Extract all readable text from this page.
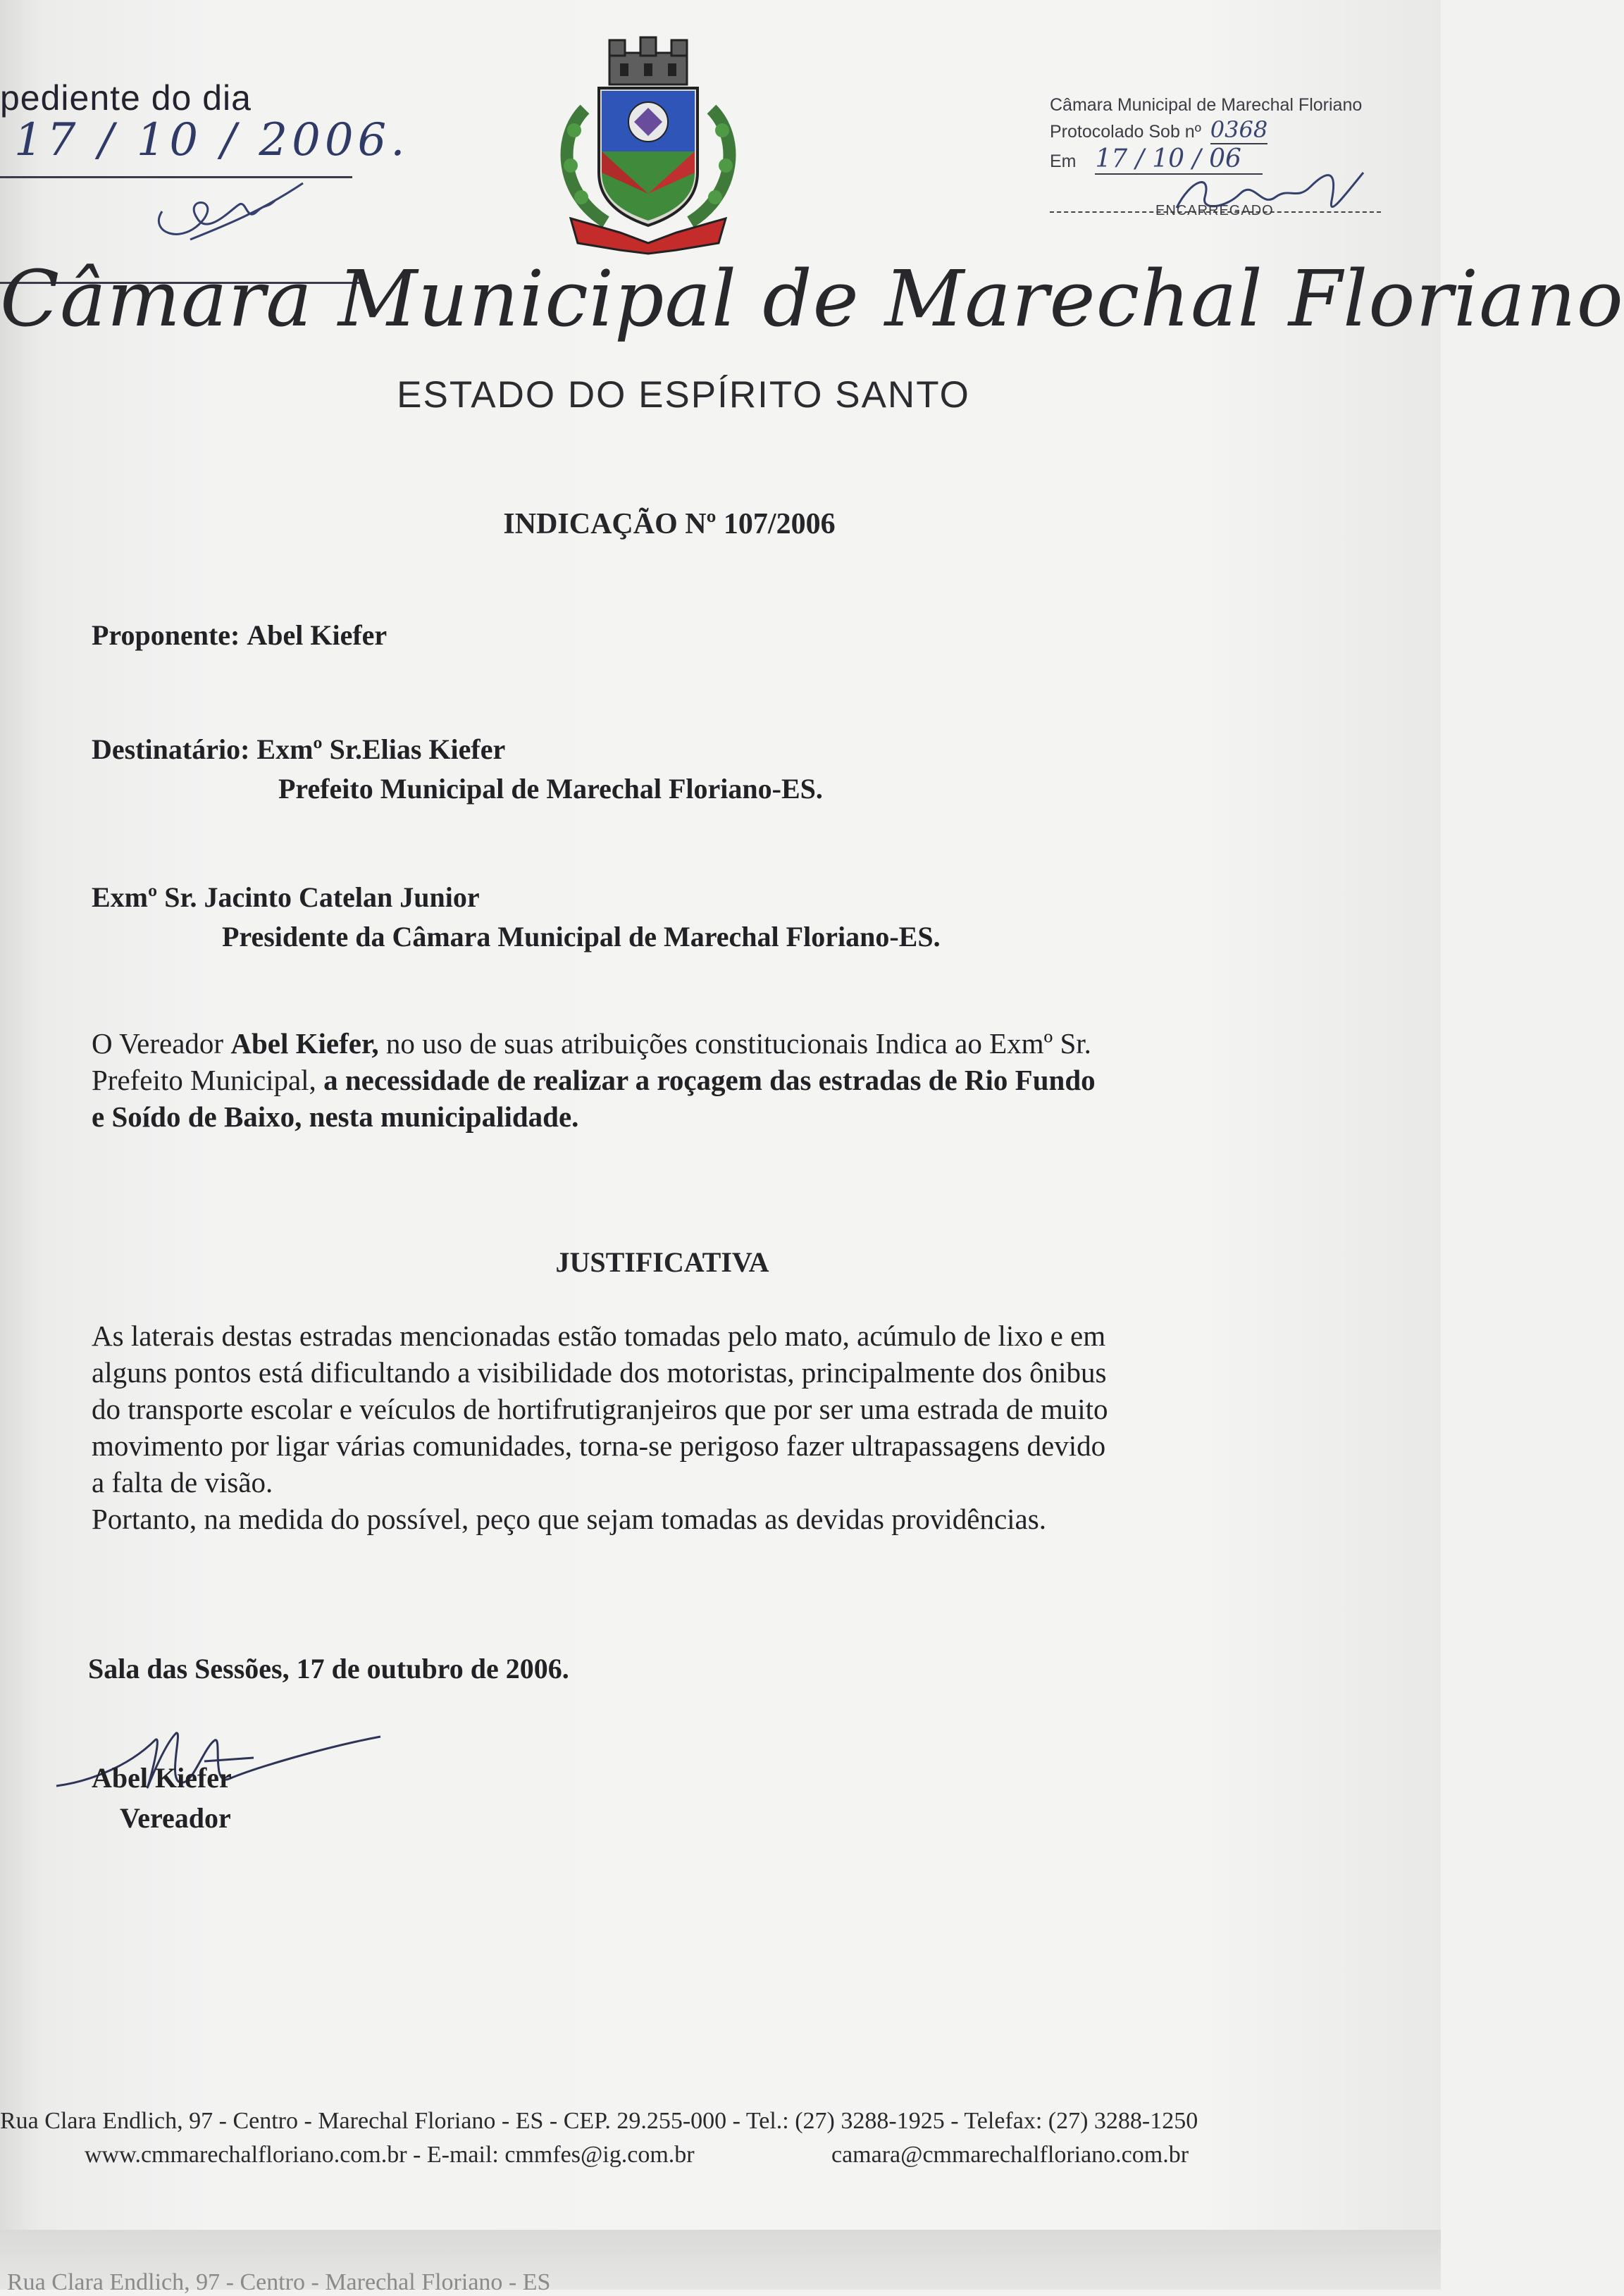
pediente do dia
17 / 10 / 2006.
Câmara Municipal de Marechal Floriano
Protocolado Sob nº 0368
Em 17 / 10 / 06
ENCARREGADO
Câmara Municipal de Marechal Floriano
ESTADO DO ESPÍRITO SANTO
INDICAÇÃO Nº 107/2006
Proponente: Abel Kiefer
Destinatário: Exmº Sr.Elias Kiefer
Prefeito Municipal de Marechal Floriano-ES.
Exmº Sr. Jacinto Catelan Junior
Presidente da Câmara Municipal de Marechal Floriano-ES.

O Vereador Abel Kiefer, no uso de suas atribuições constitucionais Indica ao Exmº Sr.

Prefeito Municipal, a necessidade de realizar a roçagem das estradas de Rio Fundo

e Soído de Baixo, nesta municipalidade.

JUSTIFICATIVA

As laterais destas estradas mencionadas estão tomadas pelo mato, acúmulo de lixo e em

alguns pontos está dificultando a visibilidade dos motoristas, principalmente dos ônibus

do transporte escolar e veículos de hortifrutigranjeiros que por ser uma estrada de muito

movimento por ligar várias comunidades, torna-se perigoso fazer ultrapassagens devido

a falta de visão.

Portanto, na medida do possível, peço que sejam tomadas as devidas providências.

Sala das Sessões, 17 de outubro de 2006.
Abel Kiefer
Vereador
Rua Clara Endlich, 97 - Centro - Marechal Floriano - ES - CEP. 29.255-000 - Tel.: (27) 3288-1925 - Telefax: (27) 3288-1250
www.cmmarechalfloriano.com.br - E-mail: cmmfes@ig.com.br	camara@cmmarechalfloriano.com.br
Rua Clara Endlich, 97 - Centro - Marechal Floriano - ES
